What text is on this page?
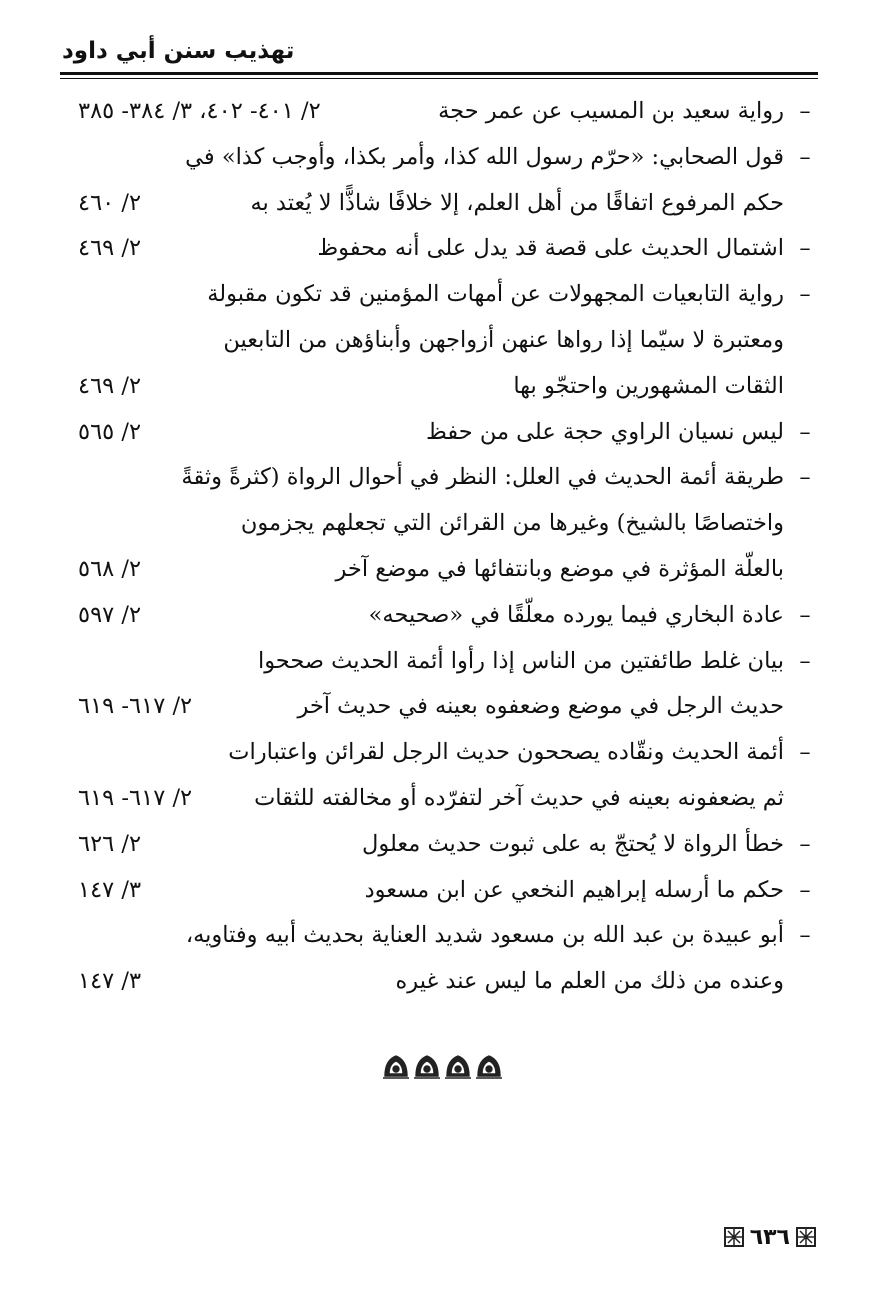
تهذيب سنن أبي داود
–
رواية سعيد بن المسيب عن عمر حجة
٢/ ٤٠١- ٤٠٢، ٣/ ٣٨٤- ٣٨٥
–
قول الصحابي: «حرّم رسول الله كذا، وأمر بكذا، وأوجب كذا» في
حكم المرفوع اتفاقًا من أهل العلم، إلا خلافًا شاذًّا لا يُعتد به
٢/ ٤٦٠
–
اشتمال الحديث على قصة قد يدل على أنه محفوظ
٢/ ٤٦٩
–
رواية التابعيات المجهولات عن أمهات المؤمنين قد تكون مقبولة
ومعتبرة لا سيّما إذا رواها عنهن أزواجهن وأبناؤهن من التابعين
الثقات المشهورين واحتجّو بها
٢/ ٤٦٩
–
ليس نسيان الراوي حجة على من حفظ
٢/ ٥٦٥
–
طريقة أئمة الحديث في العلل: النظر في أحوال الرواة (كثرةً وثقةً
واختصاصًا بالشيخ) وغيرها من القرائن التي تجعلهم يجزمون
بالعلّة المؤثرة في موضع وبانتفائها في موضع آخر
٢/ ٥٦٨
–
عادة البخاري فيما يورده معلّقًا في «صحيحه»
٢/ ٥٩٧
–
بيان غلط طائفتين من الناس إذا رأوا أئمة الحديث صححوا
حديث الرجل في موضع وضعفوه بعينه في حديث آخر
٢/ ٦١٧- ٦١٩
–
أئمة الحديث ونقّاده يصححون حديث الرجل لقرائن واعتبارات
ثم يضعفونه بعينه في حديث آخر لتفرّده أو مخالفته للثقات
٢/ ٦١٧- ٦١٩
–
خطأ الرواة لا يُحتجّ به على ثبوت حديث معلول
٢/ ٦٢٦
–
حكم ما أرسله إبراهيم النخعي عن ابن مسعود
٣/ ١٤٧
–
أبو عبيدة بن عبد الله بن مسعود شديد العناية بحديث أبيه وفتاويه،
وعنده من ذلك من العلم ما ليس عند غيره
٣/ ١٤٧
٦٣٦
